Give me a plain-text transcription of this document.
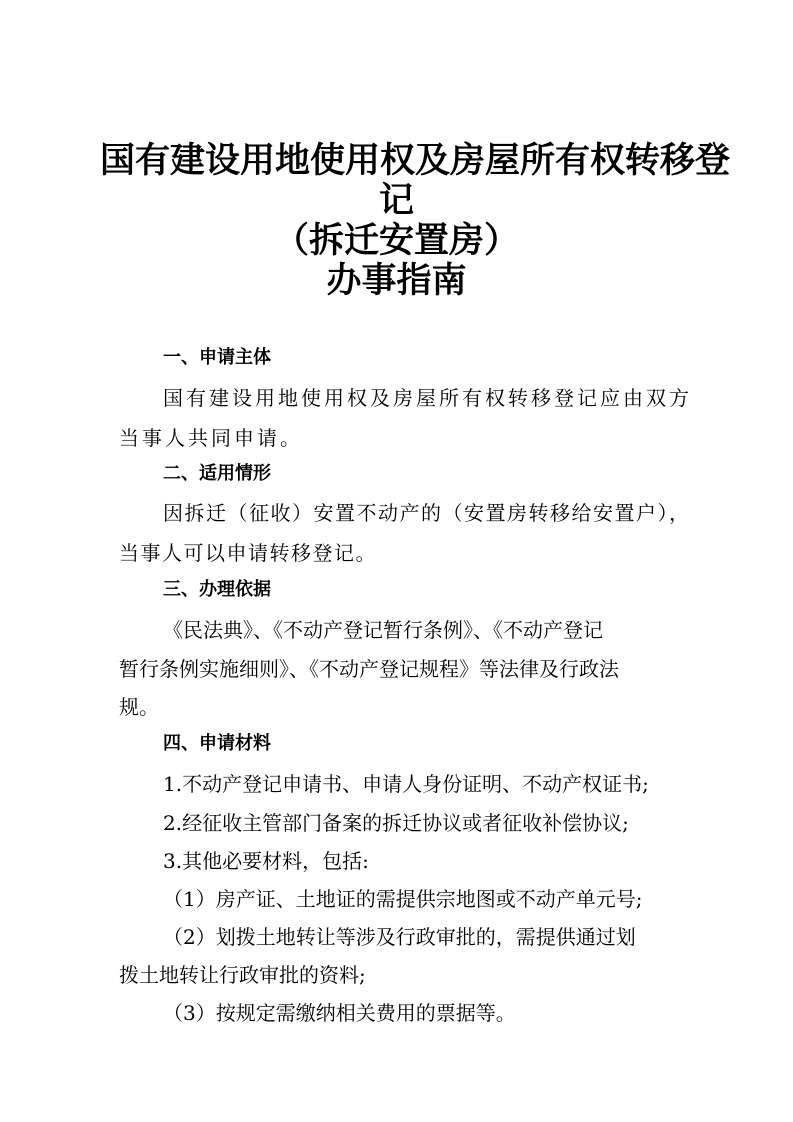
国有建设用地使用权及房屋所有权转移登
记
（拆迁安置房）
办事指南
一、申请主体
国有建设用地使用权及房屋所有权转移登记应由双方
当事人共同申请。
二、适用情形
因拆迁（征收）安置不动产的（安置房转移给安置户），
当事人可以申请转移登记。
三、办理依据
《民法典》、《不动产登记暂行条例》、《不动产登记
暂行条例实施细则》、《不动产登记规程》等法律及行政法
规。
四、申请材料
1.不动产登记申请书、申请人身份证明、不动产权证书;
2.经征收主管部门备案的拆迁协议或者征收补偿协议;
3.其他必要材料，包括:
（1）房产证、土地证的需提供宗地图或不动产单元号;
（2）划拨土地转让等涉及行政审批的，需提供通过划
拨土地转让行政审批的资料;
（3）按规定需缴纳相关费用的票据等。
